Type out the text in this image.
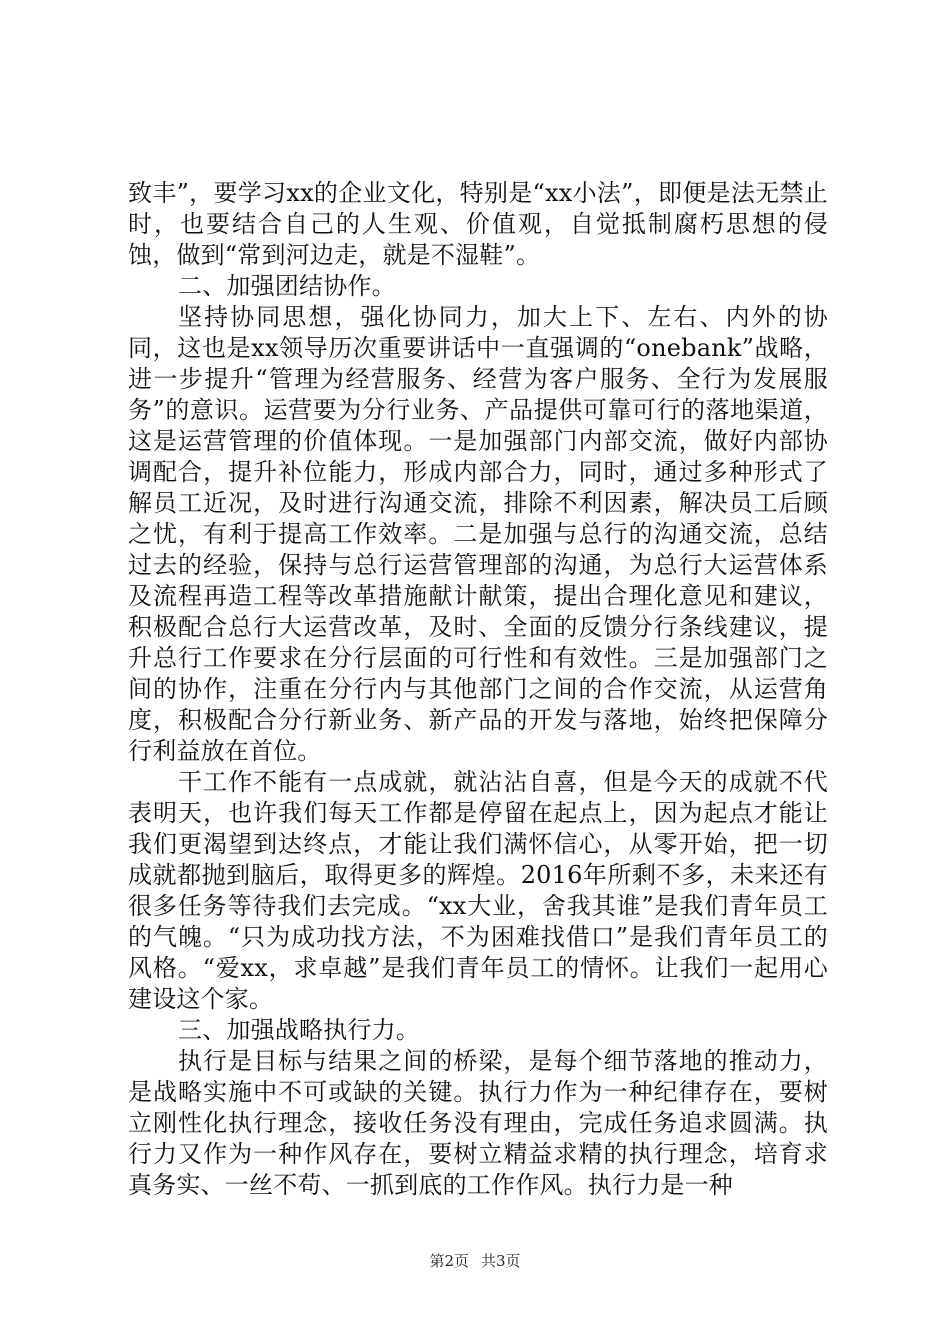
致丰”，要学习xx的企业文化，特别是“xx小法”，即便是法无禁止时，也要结合自己的人生观、价值观，自觉抵制腐朽思想的侵蚀，做到“常到河边走，就是不湿鞋”。

二、加强团结协作。

坚持协同思想，强化协同力，加大上下、左右、内外的协同，这也是xx领导历次重要讲话中一直强调的“onebank”战略，进一步提升“管理为经营服务、经营为客户服务、全行为发展服务”的意识。运营要为分行业务、产品提供可靠可行的落地渠道，这是运营管理的价值体现。一是加强部门内部交流，做好内部协调配合，提升补位能力，形成内部合力，同时，通过多种形式了解员工近况，及时进行沟通交流，排除不利因素，解决员工后顾之忧，有利于提高工作效率。二是加强与总行的沟通交流，总结过去的经验，保持与总行运营管理部的沟通，为总行大运营体系及流程再造工程等改革措施献计献策，提出合理化意见和建议，积极配合总行大运营改革，及时、全面的反馈分行条线建议，提升总行工作要求在分行层面的可行性和有效性。三是加强部门之间的协作，注重在分行内与其他部门之间的合作交流，从运营角度，积极配合分行新业务、新产品的开发与落地，始终把保障分行利益放在首位。

干工作不能有一点成就，就沾沾自喜，但是今天的成就不代表明天，也许我们每天工作都是停留在起点上，因为起点才能让我们更渴望到达终点，才能让我们满怀信心，从零开始，把一切成就都抛到脑后，取得更多的辉煌。2016年所剩不多，未来还有很多任务等待我们去完成。“xx大业，舍我其谁”是我们青年员工的气魄。“只为成功找方法，不为困难找借口”是我们青年员工的风格。“爱xx，求卓越”是我们青年员工的情怀。让我们一起用心建设这个家。

三、加强战略执行力。

执行是目标与结果之间的桥梁，是每个细节落地的推动力，是战略实施中不可或缺的关键。执行力作为一种纪律存在，要树立刚性化执行理念，接收任务没有理由，完成任务追求圆满。执行力又作为一种作风存在，要树立精益求精的执行理念，培育求真务实、一丝不苟、一抓到底的工作作风。执行力是一种

第2页 共3页
